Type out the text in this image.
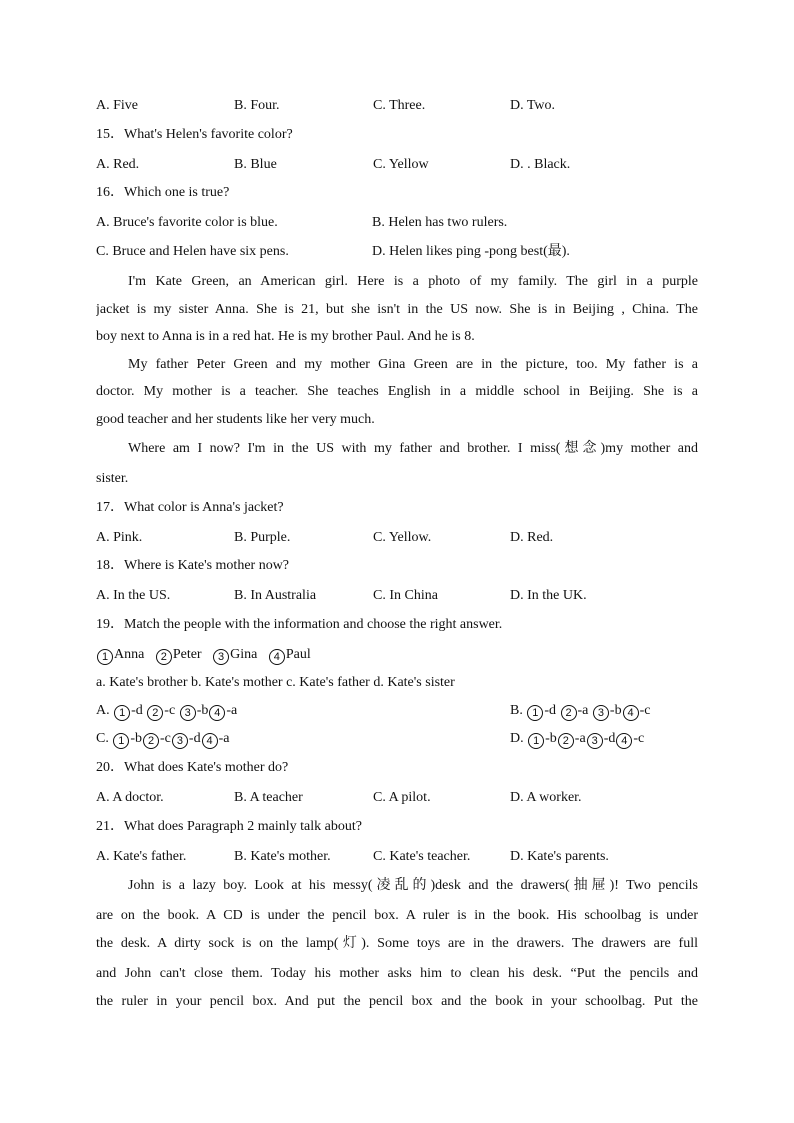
A. Five	B. Four.	C. Three.	D. Two.
15．What's Helen's favorite color?
A. Red.	B. Blue	C. Yellow	D. . Black.
16．Which one is true?
A. Bruce's favorite color is blue.	B. Helen has two rulers.
C. Bruce and Helen have six pens.	D. Helen likes ping -pong best(最).
I'm Kate Green, an American girl. Here is a photo of my family. The girl in a purple
jacket is my sister Anna. She is 21, but she isn't in the US now. She is in Beijing , China. The
boy next to Anna is in a red hat. He is my brother Paul. And he is 8.
My father Peter Green and my mother Gina Green are in the picture, too. My father is a
doctor. My mother is a teacher. She teaches English in a middle school in Beijing. She is a
good teacher and her students like her very much.
Where am I now? I'm in the US with my father and brother. I miss(想念)my mother and
sister.
17．What color is Anna's jacket?
A. Pink.	B. Purple.	C. Yellow.	D. Red.
18．Where is Kate's mother now?
A. In the US.	B. In Australia	C. In China	D. In the UK.
19．Match the people with the information and choose the right answer.
1 Anna 2 Peter 3 Gina 4 Paul
a. Kate's brother b. Kate's mother c. Kate's father d. Kate's sister
A. 1 -d 2 -c 3 -b 4 -a	B. 1 -d 2 -a 3 -b 4 -c
C. 1 -b 2 -c 3 -d 4 -a	D. 1 -b 2 -a 3 -d 4 -c
20．What does Kate's mother do?
A. A doctor.	B. A teacher	C. A pilot.	D. A worker.
21．What does Paragraph 2 mainly talk about?
A. Kate's father.	B. Kate's mother.	C. Kate's teacher.	D. Kate's parents.
John is a lazy boy. Look at his messy(凌乱的)desk and the drawers(抽屉)! Two pencils
are on the book. A CD is under the pencil box. A ruler is in the book. His schoolbag is under
the desk. A dirty sock is on the lamp(灯). Some toys are in the drawers. The drawers are full
and John can't close them. Today his mother asks him to clean his desk. “Put the pencils and
the ruler in your pencil box. And put the pencil box and the book in your schoolbag. Put the
